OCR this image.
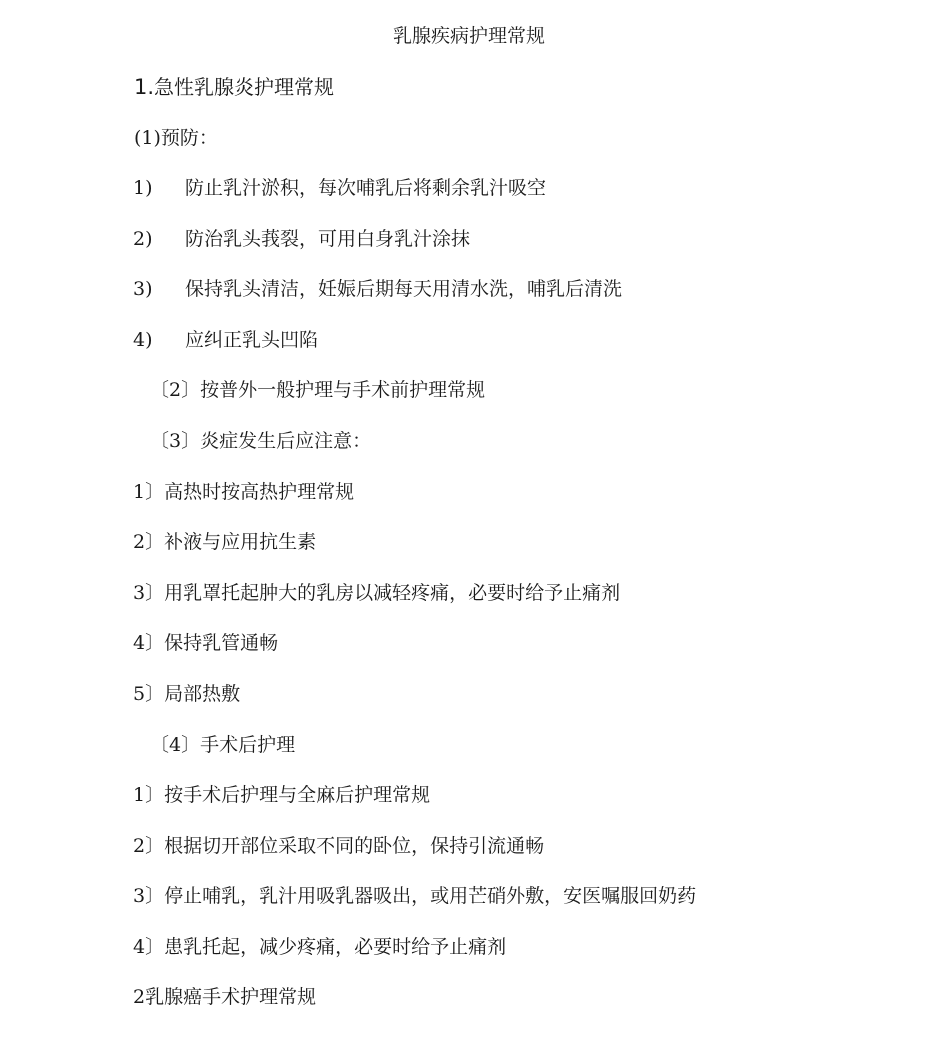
乳腺疾病护理常规
1.急性乳腺炎护理常规
(1)预防：
1) 防止乳汁淤积，每次哺乳后将剩余乳汁吸空
2) 防治乳头莪裂，可用白身乳汁涂抹
3) 保持乳头清洁，妊娠后期每天用清水洗，哺乳后清洗
4) 应纠正乳头凹陷
〔2〕按普外一般护理与手术前护理常规
〔3〕炎症发生后应注意：
1〕高热时按高热护理常规
2〕补液与应用抗生素
3〕用乳罩托起肿大的乳房以减轻疼痛，必要时给予止痛剂
4〕保持乳管通畅
5〕局部热敷
〔4〕手术后护理
1〕按手术后护理与全麻后护理常规
2〕根据切开部位采取不同的卧位，保持引流通畅
3〕停止哺乳，乳汁用吸乳器吸出，或用芒硝外敷，安医嘱服回奶药
4〕患乳托起，减少疼痛，必要时给予止痛剂
2乳腺癌手术护理常规
